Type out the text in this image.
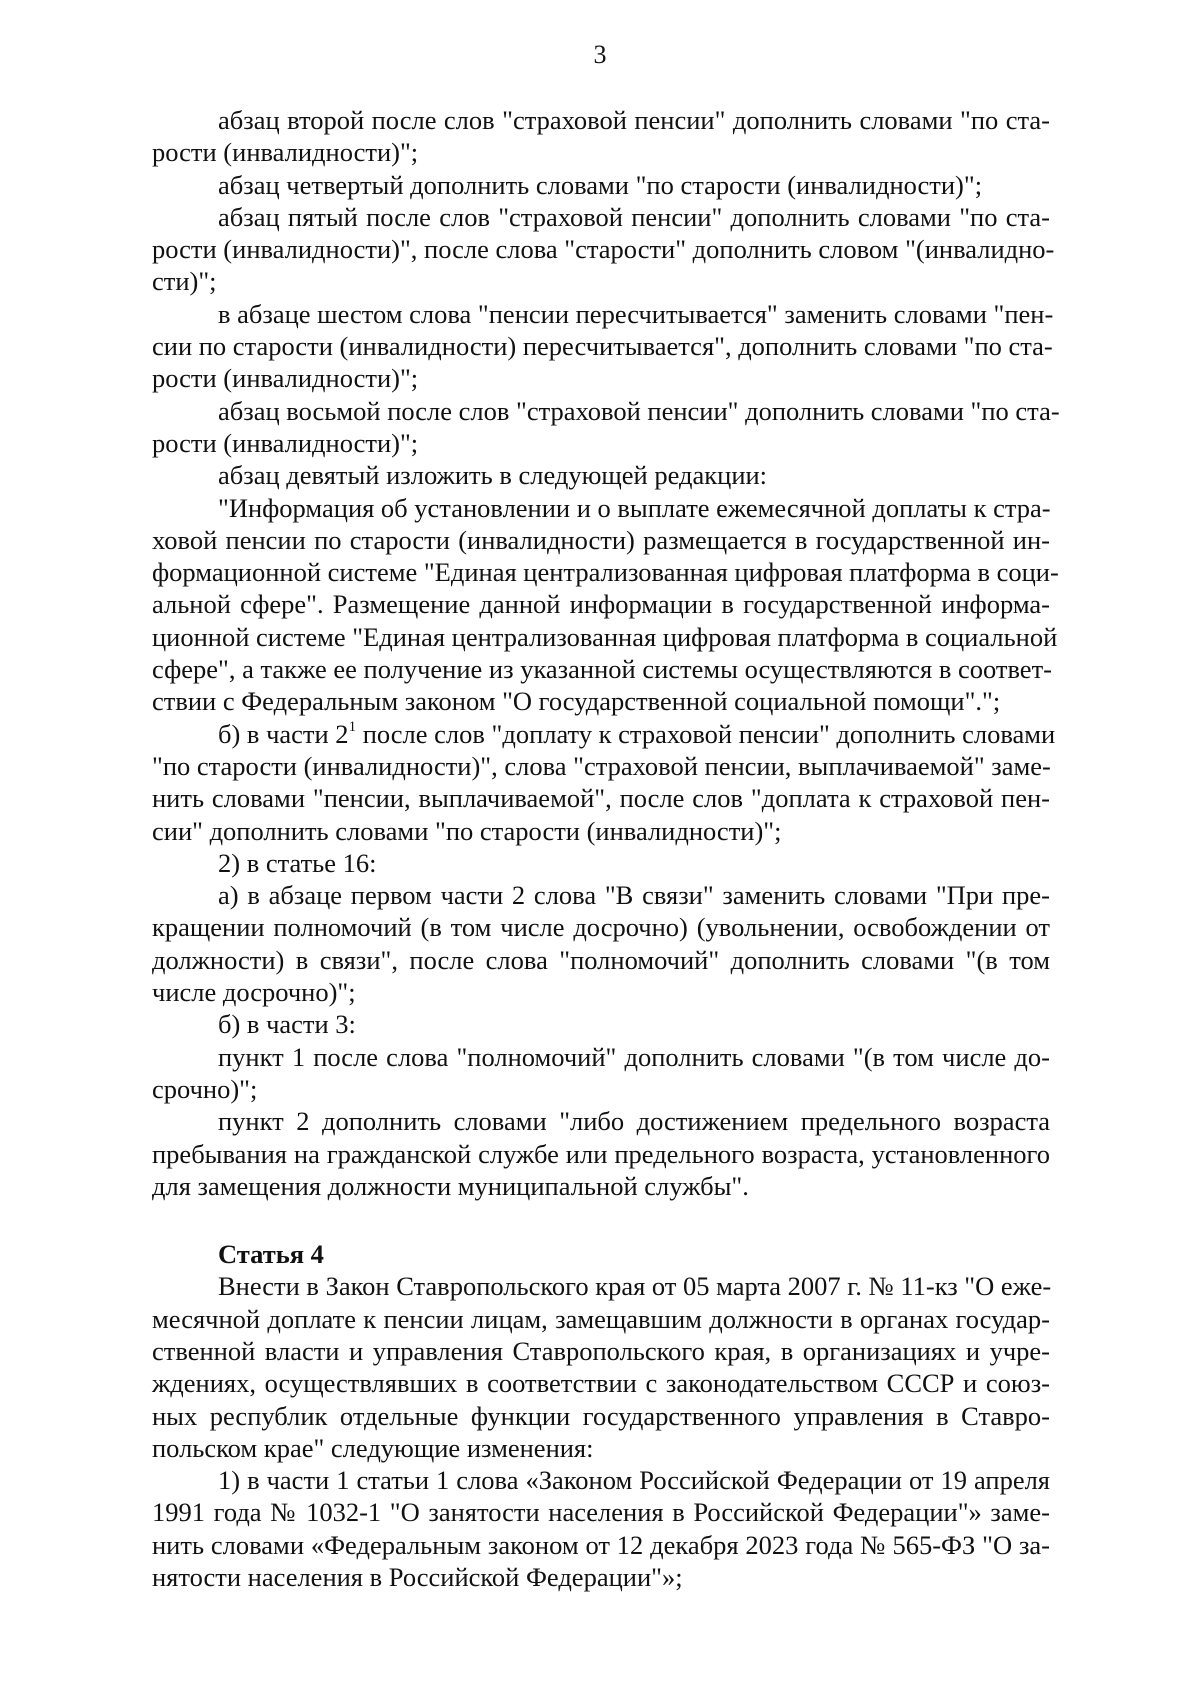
3
абзац второй после слов "страховой пенсии" дополнить словами "по ста-
рости (инвалидности)";
абзац четвертый дополнить словами "по старости (инвалидности)";
абзац пятый после слов "страховой пенсии" дополнить словами "по ста-
рости (инвалидности)", после слова "старости" дополнить словом "(инвалидно-
сти)";
в абзаце шестом слова "пенсии пересчитывается" заменить словами "пен-
сии по старости (инвалидности) пересчитывается", дополнить словами "по ста-
рости (инвалидности)";
абзац восьмой после слов "страховой пенсии" дополнить словами "по ста-
рости (инвалидности)";
абзац девятый изложить в следующей редакции:
"Информация об установлении и о выплате ежемесячной доплаты к стра-
ховой пенсии по старости (инвалидности) размещается в государственной ин-
формационной системе "Единая централизованная цифровая платформа в соци-
альной сфере". Размещение данной информации в государственной информа-
ционной системе "Единая централизованная цифровая платформа в социальной
сфере", а также ее получение из указанной системы осуществляются в соответ-
ствии с Федеральным законом "О государственной социальной помощи".";
б) в части $2^1$ после слов "доплату к страховой пенсии" дополнить словами
"по старости (инвалидности)", слова "страховой пенсии, выплачиваемой" заме-
нить словами "пенсии, выплачиваемой", после слов "доплата к страховой пен-
сии" дополнить словами "по старости (инвалидности)";
2) в статье 16:
а) в абзаце первом части 2 слова "В связи" заменить словами "При пре-
кращении полномочий (в том числе досрочно) (увольнении, освобождении от
должности) в связи", после слова "полномочий" дополнить словами "(в том
числе досрочно)";
б) в части 3:
пункт 1 после слова "полномочий" дополнить словами "(в том числе до-
срочно)";
пункт 2 дополнить словами "либо достижением предельного возраста
пребывания на гражданской службе или предельного возраста, установленного
для замещения должности муниципальной службы".
Статья 4
Внести в Закон Ставропольского края от 05 марта 2007 г. № 11-кз "О еже-
месячной доплате к пенсии лицам, замещавшим должности в органах государ-
ственной власти и управления Ставропольского края, в организациях и учре-
ждениях, осуществлявших в соответствии с законодательством СССР и союз-
ных республик отдельные функции государственного управления в Ставро-
польском крае" следующие изменения:
1) в части 1 статьи 1 слова «Законом Российской Федерации от 19 апреля
1991 года № 1032-1 "О занятости населения в Российской Федерации"» заме-
нить словами «Федеральным законом от 12 декабря 2023 года № 565-ФЗ "О за-
нятости населения в Российской Федерации"»;
